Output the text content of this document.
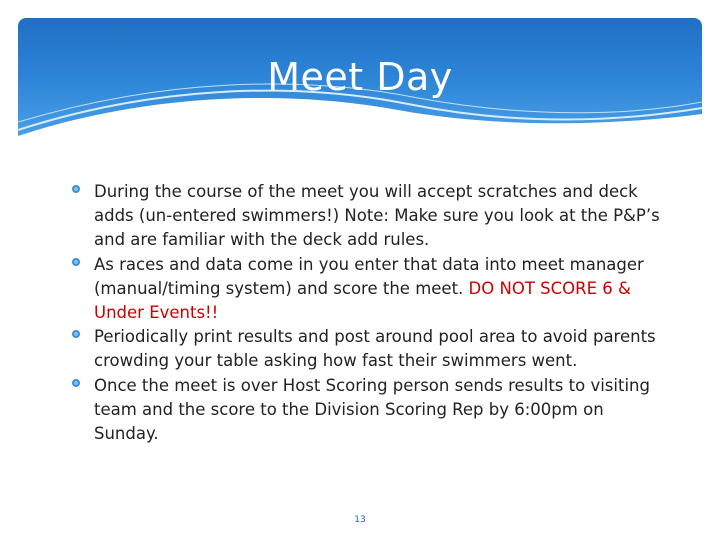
Meet Day
During the course of the meet you will accept scratches and deck adds (un-entered swimmers!) Note: Make sure you look at the P&P’s and are familiar with the deck add rules.
As races and data come in you enter that data into meet manager (manual/timing system) and score the meet. DO NOT SCORE 6 & Under Events!!
Periodically print results and post around pool area to avoid parents crowding your table asking how fast their swimmers went.
Once the meet is over Host Scoring person sends results to visiting team and the score to the Division Scoring Rep by 6:00pm on Sunday.
13
